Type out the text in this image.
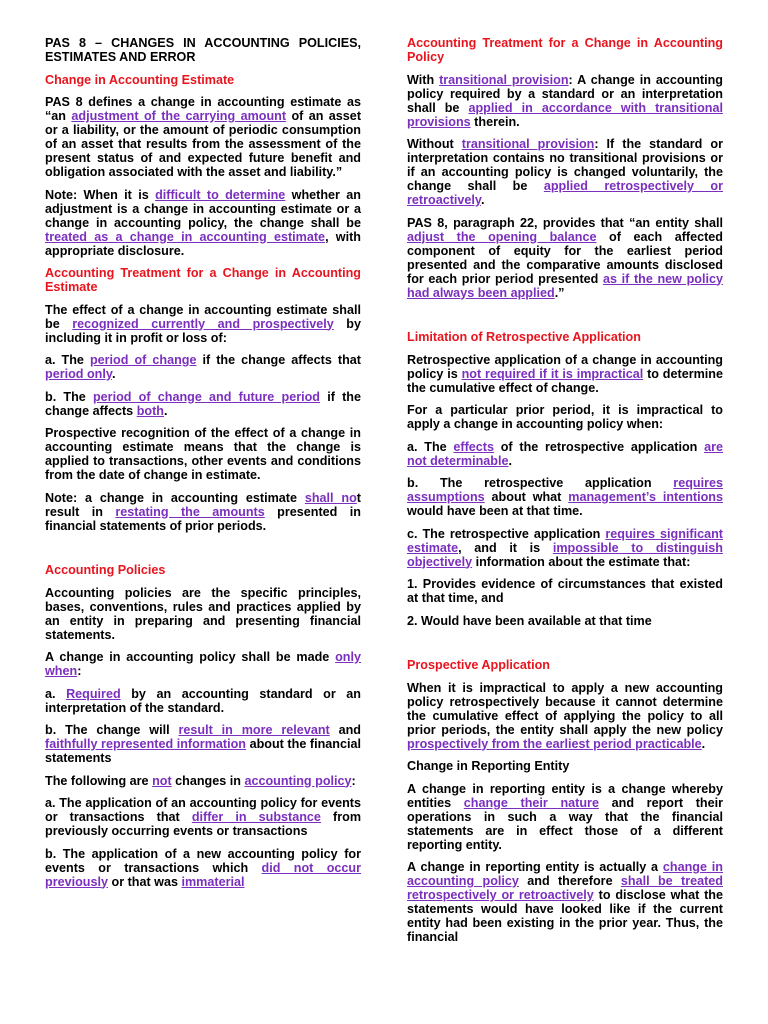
PAS 8 – CHANGES IN ACCOUNTING POLICIES, ESTIMATES AND ERROR
Change in Accounting Estimate

PAS 8 defines a change in accounting estimate as “an adjustment of the carrying amount of an asset or a liability, or the amount of periodic consumption of an asset that results from the assessment of the present status of and expected future benefit and obligation associated with the asset and liability.”

Note: When it is difficult to determine whether an adjustment is a change in accounting estimate or a change in accounting policy, the change shall be treated as a change in accounting estimate, with appropriate disclosure.

Accounting Treatment for a Change in Accounting Estimate

The effect of a change in accounting estimate shall be recognized currently and prospectively by including it in profit or loss of:

a. The period of change if the change affects that period only.

b. The period of change and future period if the change affects both.

Prospective recognition of the effect of a change in accounting estimate means that the change is applied to transactions, other events and conditions from the date of change in estimate.

Note: a change in accounting estimate shall not result in restating the amounts presented in financial statements of prior periods.

Accounting Policies

Accounting policies are the specific principles, bases, conventions, rules and practices applied by an entity in preparing and presenting financial statements.

A change in accounting policy shall be made only when:

a. Required by an accounting standard or an interpretation of the standard.

b. The change will result in more relevant and faithfully represented information about the financial statements

The following are not changes in accounting policy:

a. The application of an accounting policy for events or transactions that differ in substance from previously occurring events or transactions

b. The application of a new accounting policy for events or transactions which did not occur previously or that was immaterial

Accounting Treatment for a Change in Accounting Policy

With transitional provision: A change in accounting policy required by a standard or an interpretation shall be applied in accordance with transitional provisions therein.

Without transitional provision: If the standard or interpretation contains no transitional provisions or if an accounting policy is changed voluntarily, the change shall be applied retrospectively or retroactively.

PAS 8, paragraph 22, provides that “an entity shall adjust the opening balance of each affected component of equity for the earliest period presented and the comparative amounts disclosed for each prior period presented as if the new policy had always been applied.”

Limitation of Retrospective Application

Retrospective application of a change in accounting policy is not required if it is impractical to determine the cumulative effect of change.

For a particular prior period, it is impractical to apply a change in accounting policy when:

a. The effects of the retrospective application are not determinable.

b. The retrospective application requires assumptions about what management’s intentions would have been at that time.

c. The retrospective application requires significant estimate, and it is impossible to distinguish objectively information about the estimate that:

1. Provides evidence of circumstances that existed at that time, and

2. Would have been available at that time

Prospective Application

When it is impractical to apply a new accounting policy retrospectively because it cannot determine the cumulative effect of applying the policy to all prior periods, the entity shall apply the new policy prospectively from the earliest period practicable.

Change in Reporting Entity

A change in reporting entity is a change whereby entities change their nature and report their operations in such a way that the financial statements are in effect those of a different reporting entity.

A change in reporting entity is actually a change in accounting policy and therefore shall be treated retrospectively or retroactively to disclose what the statements would have looked like if the current entity had been existing in the prior year. Thus, the financial
